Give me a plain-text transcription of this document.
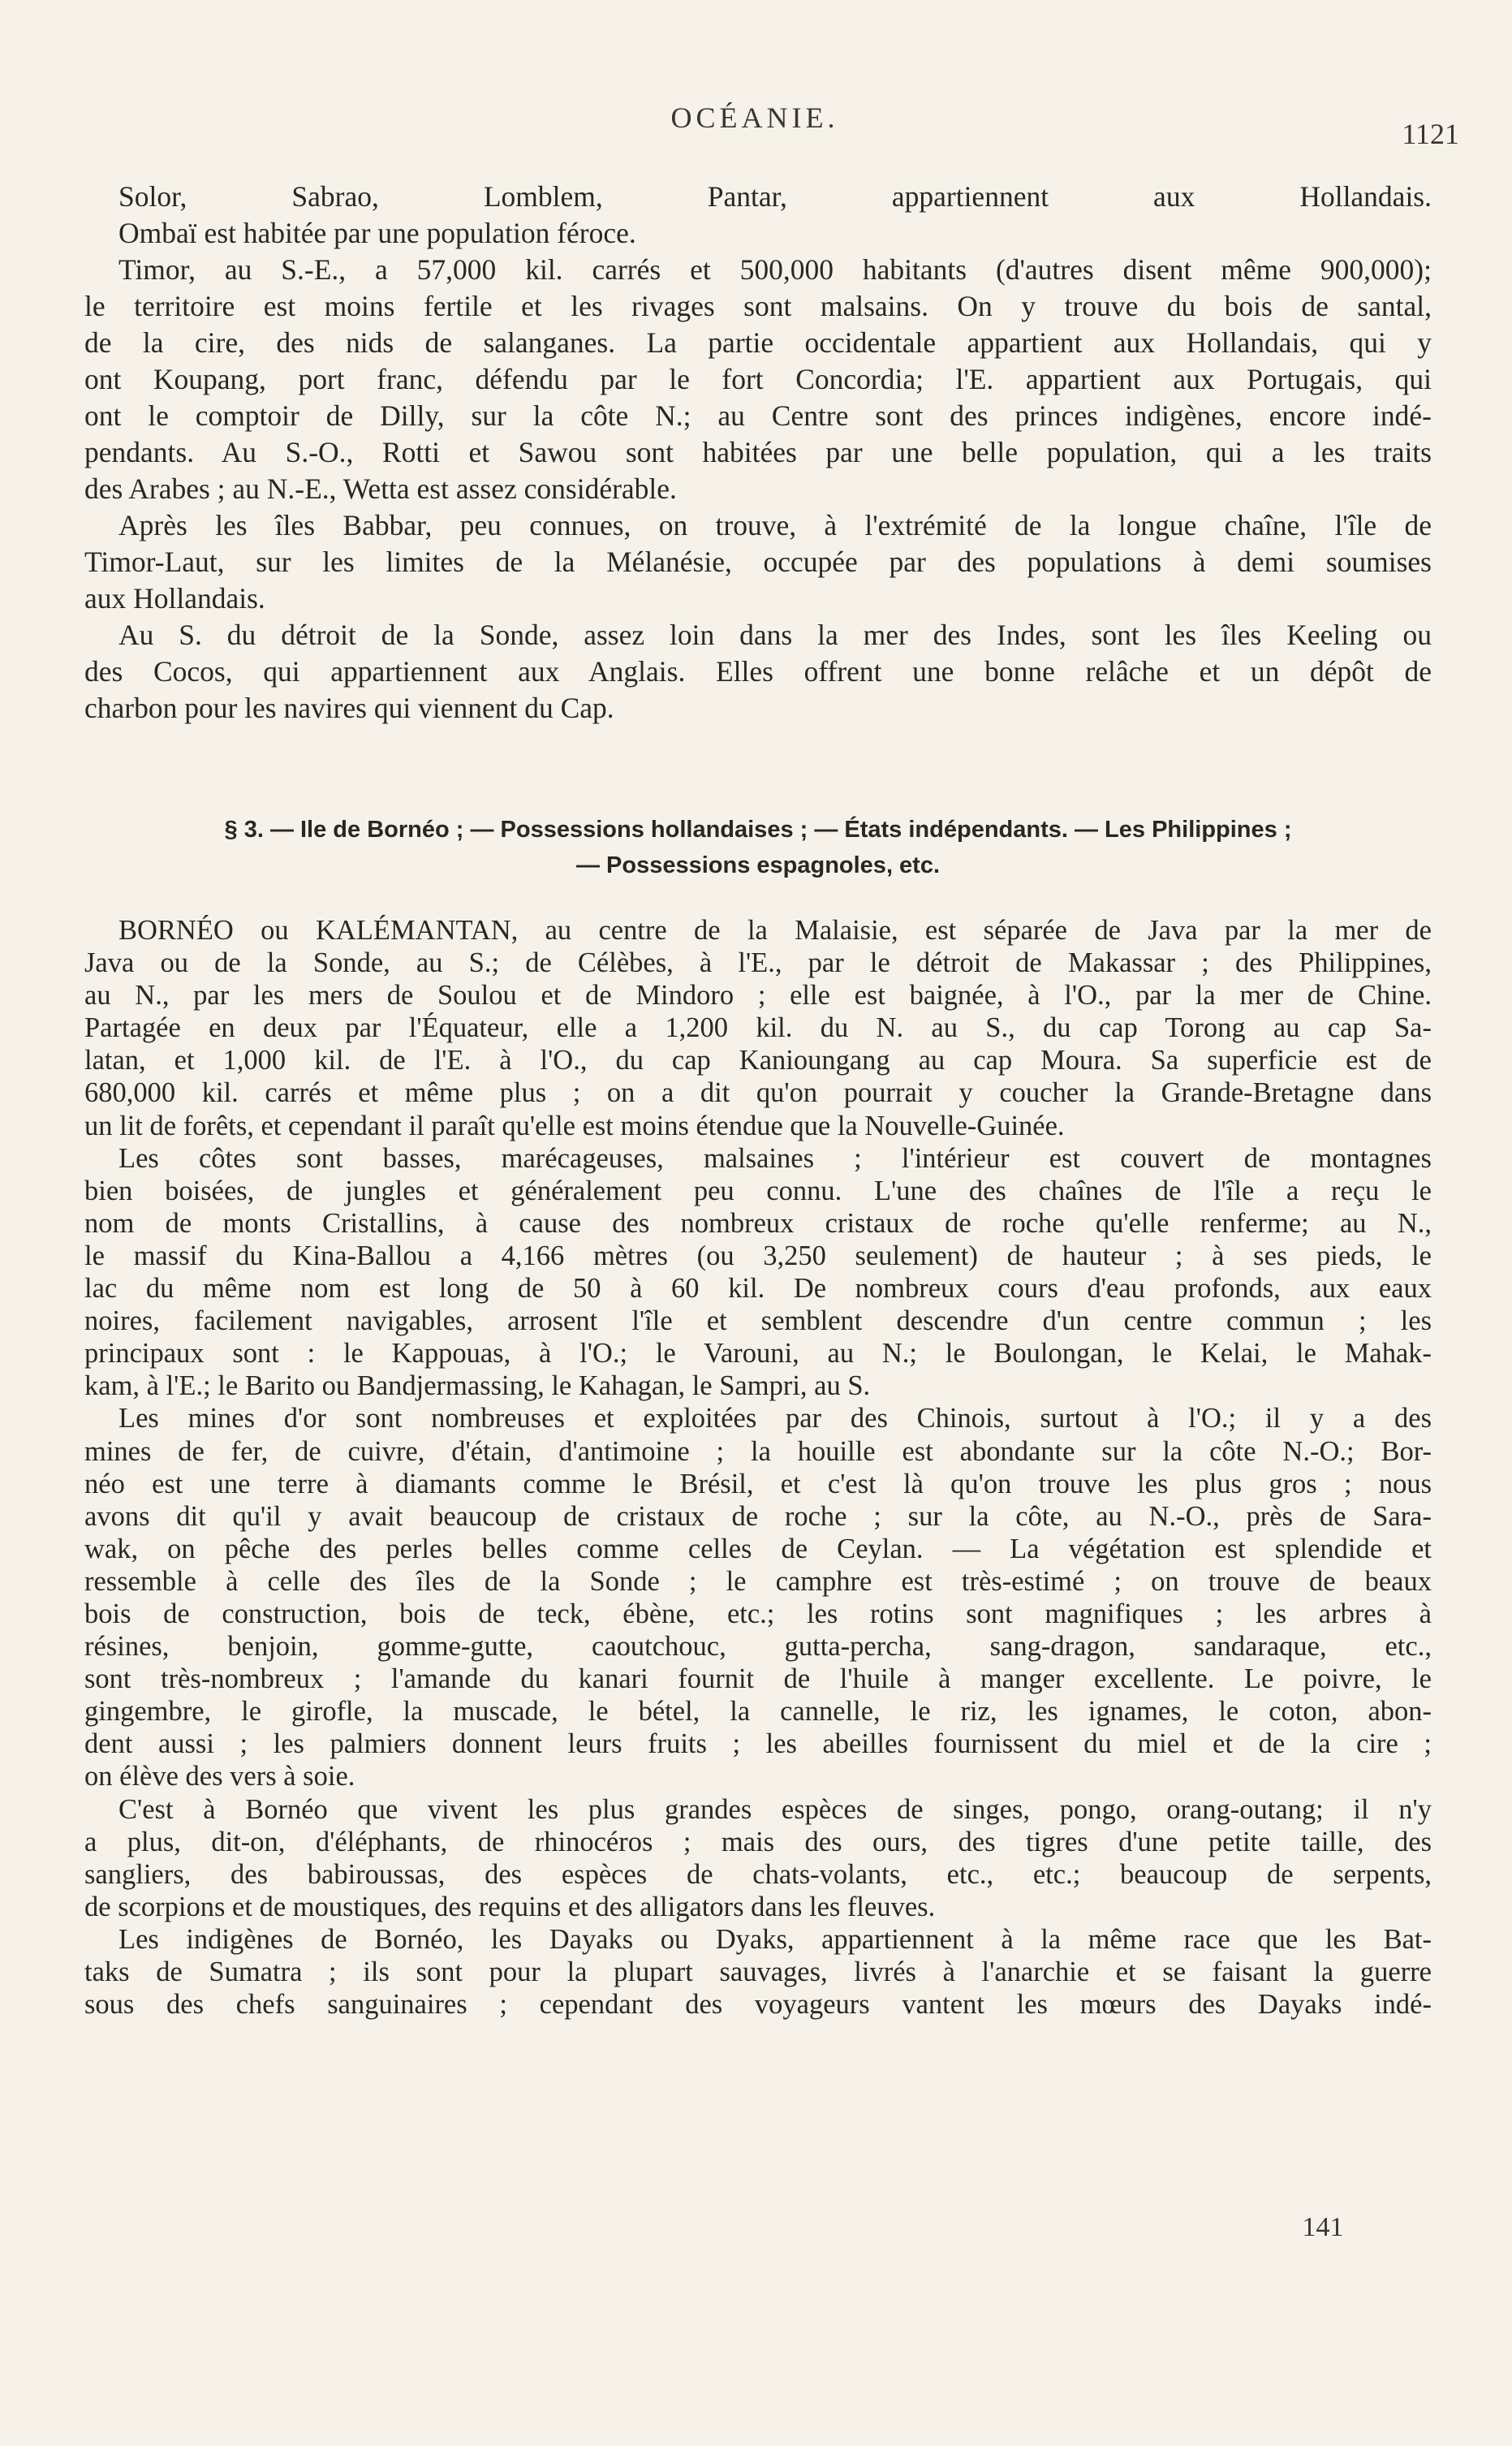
OCÉANIE.	1121
Solor, Sabrao, Lomblem, Pantar, appartiennent aux Hollandais.
Ombaï est habitée par une population féroce.
Timor, au S.-E., a 57,000 kil. carrés et 500,000 habitants (d'autres disent même 900,000);
le territoire est moins fertile et les rivages sont malsains. On y trouve du bois de santal,
de la cire, des nids de salanganes. La partie occidentale appartient aux Hollandais, qui y
ont Koupang, port franc, défendu par le fort Concordia; l'E. appartient aux Portugais, qui
ont le comptoir de Dilly, sur la côte N.; au Centre sont des princes indigènes, encore indé-
pendants. Au S.-O., Rotti et Sawou sont habitées par une belle population, qui a les traits
des Arabes ; au N.-E., Wetta est assez considérable.
Après les îles Babbar, peu connues, on trouve, à l'extrémité de la longue chaîne, l'île de
Timor-Laut, sur les limites de la Mélanésie, occupée par des populations à demi soumises
aux Hollandais.
Au S. du détroit de la Sonde, assez loin dans la mer des Indes, sont les îles Keeling ou
des Cocos, qui appartiennent aux Anglais. Elles offrent une bonne relâche et un dépôt de
charbon pour les navires qui viennent du Cap.
§ 3. — Ile de Bornéo ; — Possessions hollandaises ; — États indépendants. — Les Philippines ;
— Possessions espagnoles, etc.
BORNÉO ou KALÉMANTAN, au centre de la Malaisie, est séparée de Java par la mer de
Java ou de la Sonde, au S.; de Célèbes, à l'E., par le détroit de Makassar ; des Philippines,
au N., par les mers de Soulou et de Mindoro ; elle est baignée, à l'O., par la mer de Chine.
Partagée en deux par l'Équateur, elle a 1,200 kil. du N. au S., du cap Torong au cap Sa-
latan, et 1,000 kil. de l'E. à l'O., du cap Kanioungang au cap Moura. Sa superficie est de
680,000 kil. carrés et même plus ; on a dit qu'on pourrait y coucher la Grande-Bretagne dans
un lit de forêts, et cependant il paraît qu'elle est moins étendue que la Nouvelle-Guinée.
Les côtes sont basses, marécageuses, malsaines ; l'intérieur est couvert de montagnes
bien boisées, de jungles et généralement peu connu. L'une des chaînes de l'île a reçu le
nom de monts Cristallins, à cause des nombreux cristaux de roche qu'elle renferme; au N.,
le massif du Kina-Ballou a 4,166 mètres (ou 3,250 seulement) de hauteur ; à ses pieds, le
lac du même nom est long de 50 à 60 kil. De nombreux cours d'eau profonds, aux eaux
noires, facilement navigables, arrosent l'île et semblent descendre d'un centre commun ; les
principaux sont : le Kappouas, à l'O.; le Varouni, au N.; le Boulongan, le Kelai, le Mahak-
kam, à l'E.; le Barito ou Bandjermassing, le Kahagan, le Sampri, au S.
Les mines d'or sont nombreuses et exploitées par des Chinois, surtout à l'O.; il y a des
mines de fer, de cuivre, d'étain, d'antimoine ; la houille est abondante sur la côte N.-O.; Bor-
néo est une terre à diamants comme le Brésil, et c'est là qu'on trouve les plus gros ; nous
avons dit qu'il y avait beaucoup de cristaux de roche ; sur la côte, au N.-O., près de Sara-
wak, on pêche des perles belles comme celles de Ceylan. — La végétation est splendide et
ressemble à celle des îles de la Sonde ; le camphre est très-estimé ; on trouve de beaux
bois de construction, bois de teck, ébène, etc.; les rotins sont magnifiques ; les arbres à
résines, benjoin, gomme-gutte, caoutchouc, gutta-percha, sang-dragon, sandaraque, etc.,
sont très-nombreux ; l'amande du kanari fournit de l'huile à manger excellente. Le poivre, le
gingembre, le girofle, la muscade, le bétel, la cannelle, le riz, les ignames, le coton, abon-
dent aussi ; les palmiers donnent leurs fruits ; les abeilles fournissent du miel et de la cire ;
on élève des vers à soie.
C'est à Bornéo que vivent les plus grandes espèces de singes, pongo, orang-outang; il n'y
a plus, dit-on, d'éléphants, de rhinocéros ; mais des ours, des tigres d'une petite taille, des
sangliers, des babiroussas, des espèces de chats-volants, etc., etc.; beaucoup de serpents,
de scorpions et de moustiques, des requins et des alligators dans les fleuves.
Les indigènes de Bornéo, les Dayaks ou Dyaks, appartiennent à la même race que les Bat-
taks de Sumatra ; ils sont pour la plupart sauvages, livrés à l'anarchie et se faisant la guerre
sous des chefs sanguinaires ; cependant des voyageurs vantent les mœurs des Dayaks indé-
141
